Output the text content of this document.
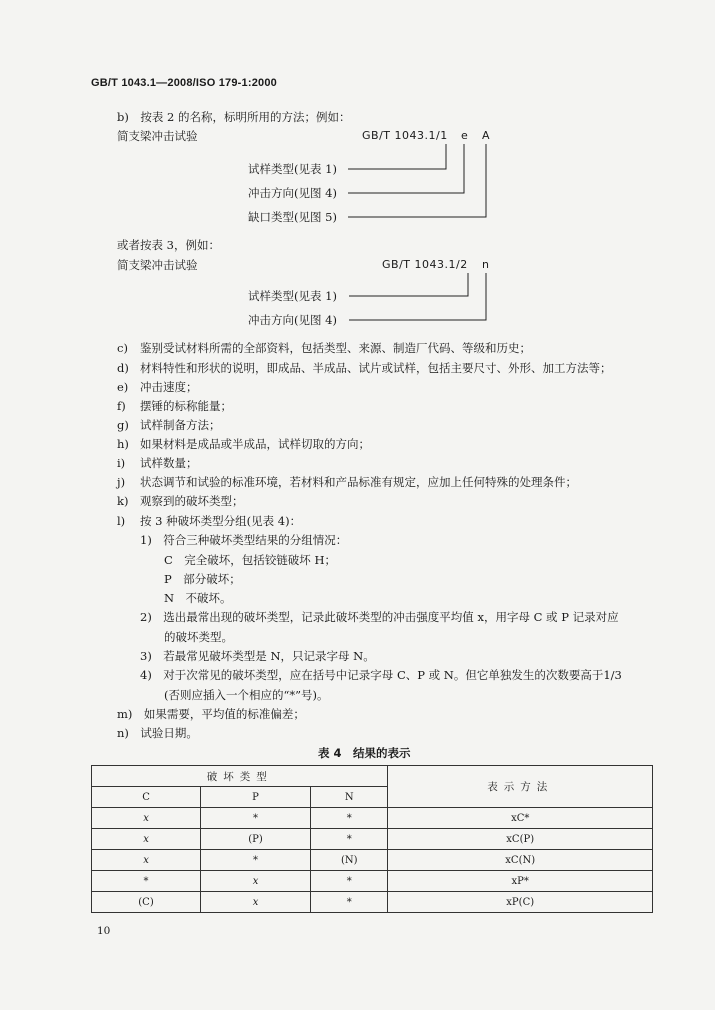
GB/T 1043.1—2008/ISO 179-1:2000
b)　按表 2 的名称，标明所用的方法；例如：
简支梁冲击试验	GB/T 1043.1/1 e A
试样类型(见表 1)
冲击方向(见图 4)
缺口类型(见图 5)
或者按表 3，例如：
简支梁冲击试验	GB/T 1043.1/2 n
试样类型(见表 1)
冲击方向(见图 4)
c) 鉴别受试材料所需的全部资料，包括类型、来源、制造厂代码、等级和历史；
d) 材料特性和形状的说明，即成品、半成品、试片或试样，包括主要尺寸、外形、加工方法等；
e) 冲击速度；
f) 摆锤的标称能量；
g) 试样制备方法；
h) 如果材料是成品或半成品，试样切取的方向；
i) 试样数量；
j) 状态调节和试验的标准环境，若材料和产品标准有规定，应加上任何特殊的处理条件；
k) 观察到的破坏类型；
l) 按 3 种破坏类型分组(见表 4)：
1)　符合三种破坏类型结果的分组情况：
C　完全破坏，包括铰链破坏 H；
P　部分破坏；
N　不破坏。
2)　选出最常出现的破坏类型，记录此破坏类型的冲击强度平均值 x，用字母 C 或 P 记录对应
的破坏类型。
3)　若最常见破坏类型是 N，只记录字母 N。
4)　对于次常见的破坏类型，应在括号中记录字母 C、P 或 N。但它单独发生的次数要高于1/3
(否则应插入一个相应的“*”号)。
m)　如果需要，平均值的标准偏差；
n)　试验日期。
表 4　结果的表示
破坏类型			表示方法
C	P	N	
x	*	*	xC*
x	(P)	*	xC(P)
x	*	(N)	xC(N)
*	x	*	xP*
(C)	x	*	xP(C)
10
